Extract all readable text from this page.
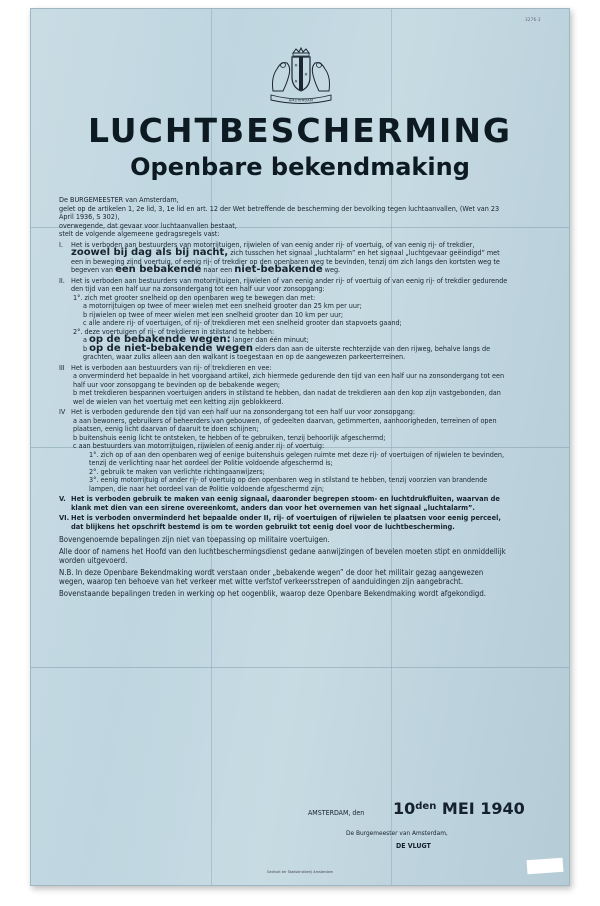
3276-2
✕
✕
✕
AMSTERDAM
LUCHTBESCHERMING
Openbare bekendmaking

De BURGEMEESTER van Amsterdam,

gelet op de artikelen 1, 2e lid, 3, 1e lid en art. 12 der Wet betreffende de bescherming der bevolking tegen luchtaanvallen, (Wet van 23 April 1936, S 302),

overwegende, dat gevaar voor luchtaanvallen bestaat,

stelt de volgende algemeene gedragsregels vast:

I.	Het is verboden aan bestuurders van motorrijtuigen, rijwielen of van eenig ander rij- of voertuig, of van eenig rij- of trekdier, zoowel bij dag als bij nacht, zich tusschen het signaal „luchtalarm” en het signaal „luchtgevaar geëindigd” met een in beweging zijnd voertuig, of eenig rij- of trekdier op den openbaren weg te bevinden, tenzij om zich langs den kortsten weg te begeven van een bebakende naar een niet-bebakende weg.
II. Het is verboden aan bestuurders van motorrijtuigen, rijwielen of van eenig ander rij- of voertuig of van eenig rij- of trekdier gedurende den tijd van een half uur na zonsondergang tot een half uur voor zonsopgang:
1°. zich met grooter snelheid op den openbaren weg te bewegen dan met:
a motorrijtuigen op twee of meer wielen met een snelheid grooter dan 25 km per uur;
b rijwielen op twee of meer wielen met een snelheid grooter dan 10 km per uur;
c alle andere rij- of voertuigen, of rij- of trekdieren met een snelheid grooter dan stapvoets gaand;
2°. deze voertuigen of rij- of trekdieren in stilstand te hebben:
a op de bebakende wegen: langer dan één minuut;
b op de niet-bebakende wegen elders dan aan de uiterste rechterzijde van den rijweg, behalve langs de grachten, waar zulks alleen aan den walkant is toegestaan en op de aangewezen parkeerterreinen.
III Het is verboden aan bestuurders van rij- of trekdieren en vee:
a onverminderd het bepaalde in het voorgaand artikel, zich hiermede gedurende den tijd van een half uur na zonsondergang tot een half uur voor zonsopgang te bevinden op de bebakende wegen;
b met trekdieren bespannen voertuigen anders in stilstand te hebben, dan nadat de trekdieren aan den kop zijn vastgebonden, dan wel de wielen van het voertuig met een ketting zijn geblokkeerd.
IV Het is verboden gedurende den tijd van een half uur na zonsondergang tot een half uur voor zonsopgang:
a aan bewoners, gebruikers of beheerders van gebouwen, of gedeelten daarvan, getimmerten, aanhoorigheden, terreinen of open plaatsen, eenig licht daarvan of daaruit te doen schijnen;
b buitenshuis eenig licht te ontsteken, te hebben of te gebruiken, tenzij behoorlijk afgeschermd;
c aan bestuurders van motorrijtuigen, rijwielen of eenig ander rij- of voertuig:
1°. zich op of aan den openbaren weg of eenige buitenshuis gelegen ruimte met deze rij- of voertuigen of rijwielen te bevinden, tenzij de verlichting naar het oordeel der Politie voldoende afgeschermd is;
2°. gebruik te maken van verlichte richtingaanwijzers;
3°. eenig motorrijtuig of ander rij- of voertuig op den openbaren weg in stilstand te hebben, tenzij voorzien van brandende lampen, die naar het oordeel van de Politie voldoende afgeschermd zijn;
V. Het is verboden gebruik te maken van eenig signaal, daaronder begrepen stoom- en luchtdrukfluiten, waarvan de klank met dien van een sirene overeenkomt, anders dan voor het overnemen van het signaal „luchtalarm”.
VI. Het is verboden onverminderd het bepaalde onder II, rij- of voertuigen of rijwielen te plaatsen voor eenig perceel, dat blijkens het opschrift bestemd is om te worden gebruikt tot eenig doel voor de luchtbescherming.

Bovengenoemde bepalingen zijn niet van toepassing op militaire voertuigen.

Alle door of namens het Hoofd van den luchtbeschermingsdienst gedane aanwijzingen of bevelen moeten stipt en onmiddellijk worden uitgevoerd.

N.B. In deze Openbare Bekendmaking wordt verstaan onder „bebakende wegen” de door het militair gezag aangewezen wegen, waarop ten behoeve van het verkeer met witte verfstof verkeersstrepen of aanduidingen zijn aangebracht.

Bovenstaande bepalingen treden in werking op het oogenblik, waarop deze Openbare Bekendmaking wordt afgekondigd.

AMSTERDAM, den $10^{den}$ MEI 1940
De Burgemeester van Amsterdam,
DE VLUGT
Gedrukt ter Stadsdrukkerij Amsterdam
